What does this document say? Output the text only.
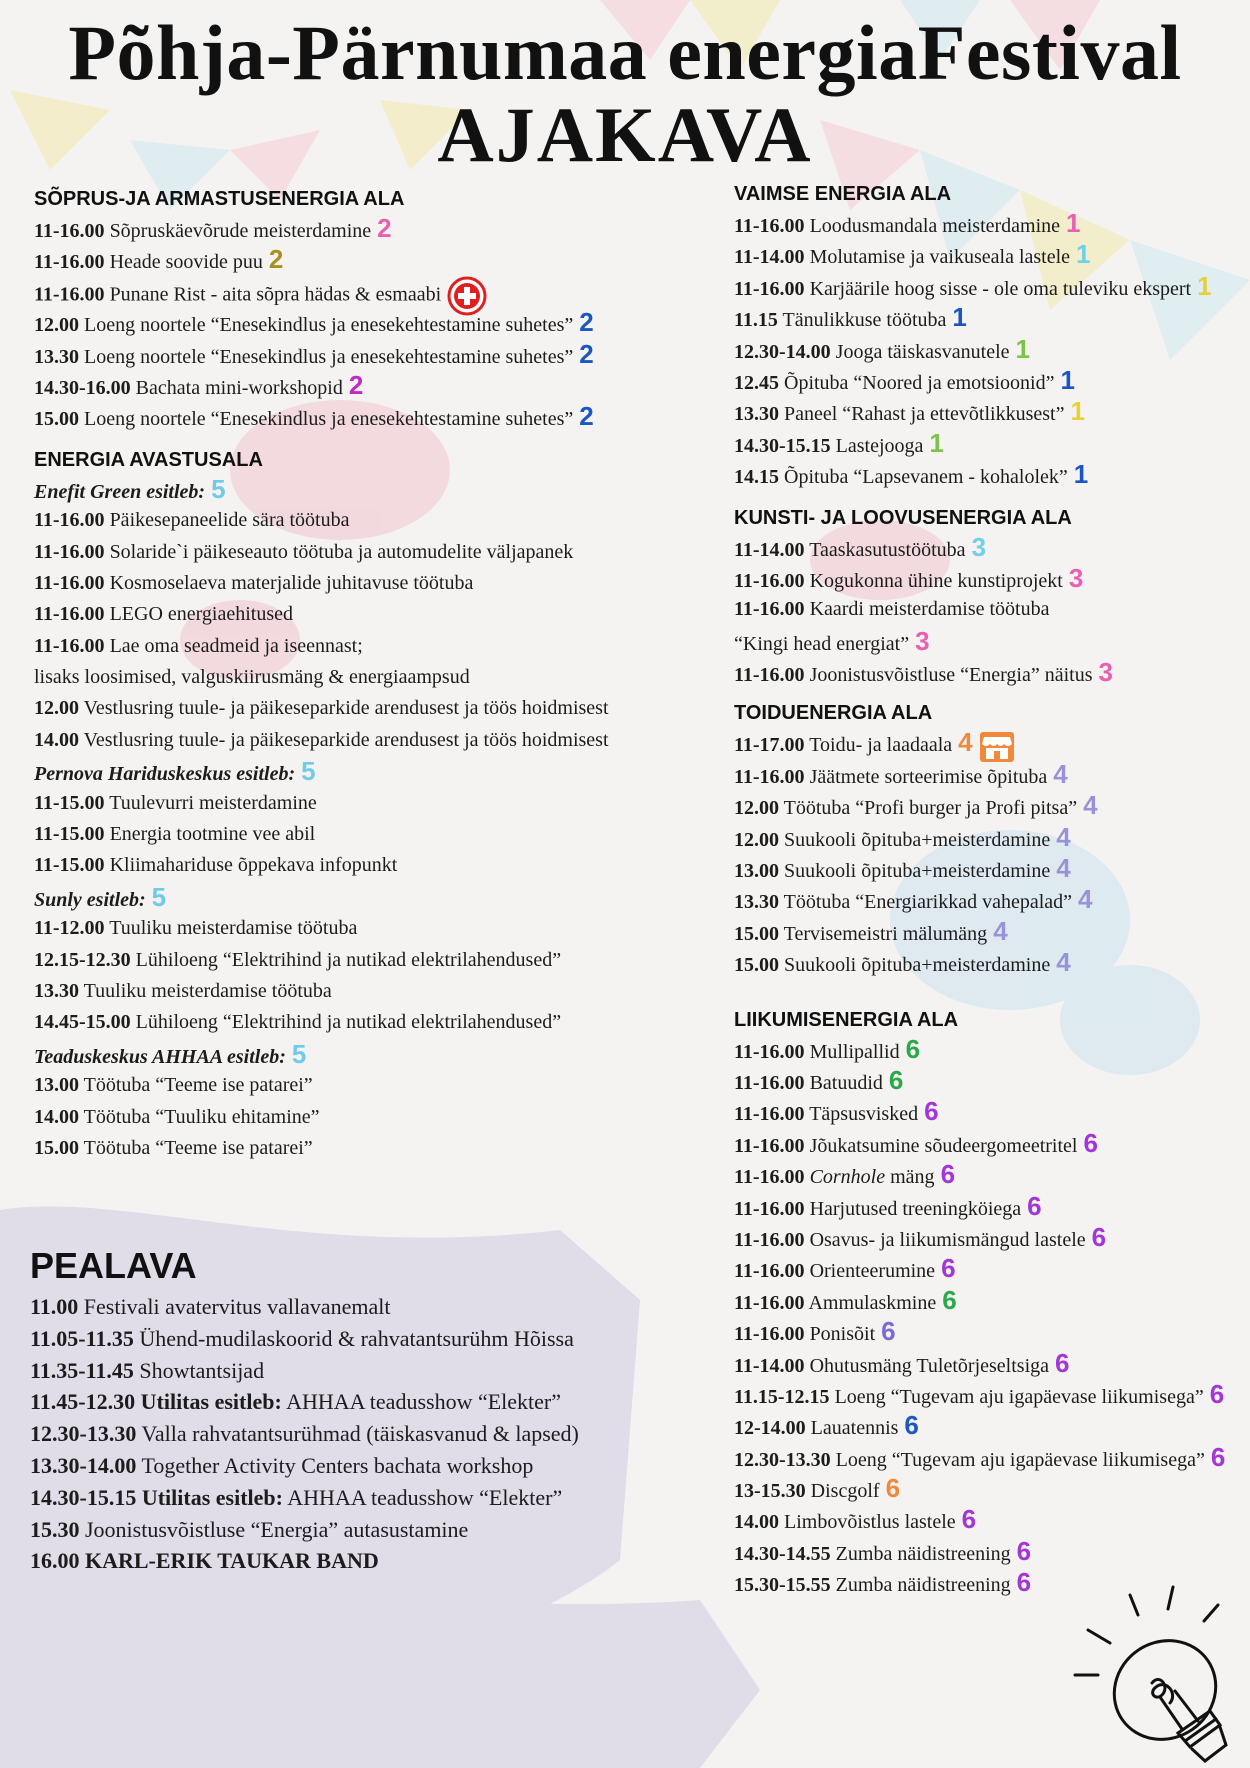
Põhja-Pärnumaa energiaFestival
AJAKAVA
SÕPRUS-JA ARMASTUSENERGIA ALA
11-16.00 Sõpruskäevõrude meisterdamine 2
11-16.00 Heade soovide puu 2
11-16.00 Punane Rist - aita sõpra hädas & esmaabi
12.00 Loeng noortele “Enesekindlus ja enesekehtestamine suhetes” 2
13.30 Loeng noortele “Enesekindlus ja enesekehtestamine suhetes” 2
14.30-16.00 Bachata mini-workshopid 2
15.00 Loeng noortele “Enesekindlus ja enesekehtestamine suhetes” 2
ENERGIA AVASTUSALA
Enefit Green esitleb: 5
11-16.00 Päikesepaneelide sära töötuba
11-16.00 Solaride`i päikeseauto töötuba ja automudelite väljapanek
11-16.00 Kosmoselaeva materjalide juhitavuse töötuba
11-16.00 LEGO energiaehitused
11-16.00 Lae oma seadmeid ja iseennast;
lisaks loosimised, valguskiirusmäng & energiaampsud
12.00 Vestlusring tuule- ja päikeseparkide arendusest ja töös hoidmisest
14.00 Vestlusring tuule- ja päikeseparkide arendusest ja töös hoidmisest
Pernova Hariduskeskus esitleb: 5
11-15.00 Tuulevurri meisterdamine
11-15.00 Energia tootmine vee abil
11-15.00 Kliimahariduse õppekava infopunkt
Sunly esitleb: 5
11-12.00 Tuuliku meisterdamise töötuba
12.15-12.30 Lühiloeng “Elektrihind ja nutikad elektrilahendused”
13.30 Tuuliku meisterdamise töötuba
14.45-15.00 Lühiloeng “Elektrihind ja nutikad elektrilahendused”
Teaduskeskus AHHAA esitleb: 5
13.00 Töötuba “Teeme ise patarei”
14.00 Töötuba “Tuuliku ehitamine”
15.00 Töötuba “Teeme ise patarei”
VAIMSE ENERGIA ALA
11-16.00 Loodusmandala meisterdamine 1
11-14.00 Molutamise ja vaikuseala lastele 1
11-16.00 Karjäärile hoog sisse - ole oma tuleviku ekspert 1
11.15 Tänulikkuse töötuba 1
12.30-14.00 Jooga täiskasvanutele 1
12.45 Õpituba “Noored ja emotsioonid” 1
13.30 Paneel “Rahast ja ettevõtlikkusest” 1
14.30-15.15 Lastejooga 1
14.15 Õpituba “Lapsevanem - kohalolek” 1
KUNSTI- JA LOOVUSENERGIA ALA
11-14.00 Taaskasutustöötuba 3
11-16.00 Kogukonna ühine kunstiprojekt 3
11-16.00 Kaardi meisterdamise töötuba
“Kingi head energiat” 3
11-16.00 Joonistusvõistluse “Energia” näitus 3
TOIDUENERGIA ALA
11-17.00 Toidu- ja laadaala 4
11-16.00 Jäätmete sorteerimise õpituba 4
12.00 Töötuba “Profi burger ja Profi pitsa” 4
12.00 Suukooli õpituba+meisterdamine 4
13.00 Suukooli õpituba+meisterdamine 4
13.30 Töötuba “Energiarikkad vahepalad” 4
15.00 Tervisemeistri mälumäng 4
15.00 Suukooli õpituba+meisterdamine 4
LIIKUMISENERGIA ALA
11-16.00 Mullipallid 6
11-16.00 Batuudid 6
11-16.00 Täpsusvisked 6
11-16.00 Jõukatsumine sõudeergomeetritel 6
11-16.00 Cornhole mäng 6
11-16.00 Harjutused treeningköiega 6
11-16.00 Osavus- ja liikumismängud lastele 6
11-16.00 Orienteerumine 6
11-16.00 Ammulaskmine 6
11-16.00 Ponisõit 6
11-14.00 Ohutusmäng Tuletõrjeseltsiga 6
11.15-12.15 Loeng “Tugevam aju igapäevase liikumisega” 6
12-14.00 Lauatennis 6
12.30-13.30 Loeng “Tugevam aju igapäevase liikumisega” 6
13-15.30 Discgolf 6
14.00 Limbovõistlus lastele 6
14.30-14.55 Zumba näidistreening 6
15.30-15.55 Zumba näidistreening 6
PEALAVA
11.00 Festivali avatervitus vallavanemalt
11.05-11.35 Ühend-mudilaskoorid & rahvatantsurühm Hõissa
11.35-11.45 Showtantsijad
11.45-12.30 Utilitas esitleb: AHHAA teadusshow “Elekter”
12.30-13.30 Valla rahvatantsurühmad (täiskasvanud & lapsed)
13.30-14.00 Together Activity Centers bachata workshop
14.30-15.15 Utilitas esitleb: AHHAA teadusshow “Elekter”
15.30 Joonistusvõistluse “Energia” autasustamine
16.00 KARL-ERIK TAUKAR BAND
